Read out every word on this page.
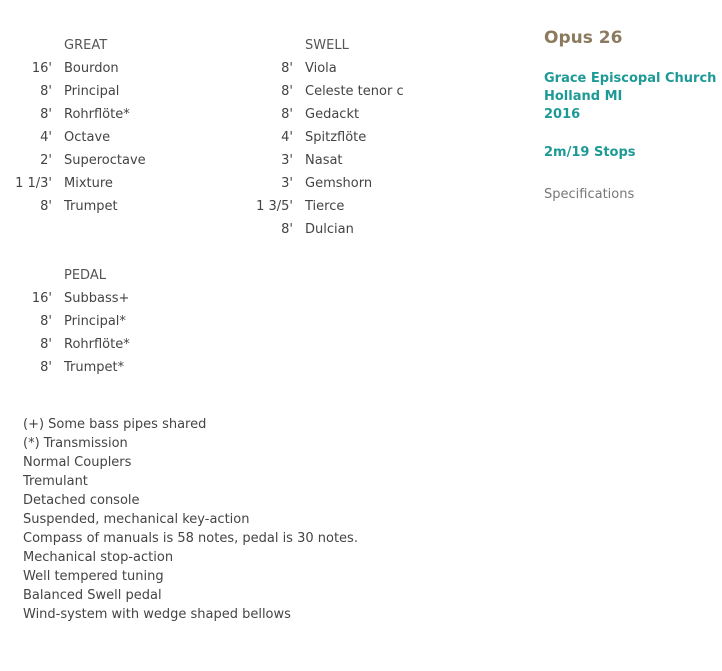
GREAT
16' Bourdon
8' Principal
8' Rohrflöte*
4' Octave
2' Superoctave
1 1/3' Mixture
8' Trumpet
SWELL
8' Viola
8' Celeste tenor c
8' Gedackt
4' Spitzflöte
3' Nasat
3' Gemshorn
1 3/5' Tierce
8' Dulcian
PEDAL
16' Subbass+
8' Principal*
8' Rohrflöte*
8' Trumpet*
(+) Some bass pipes shared
(*) Transmission
Normal Couplers
Tremulant
Detached console
Suspended, mechanical key-action
Compass of manuals is 58 notes, pedal is 30 notes.
Mechanical stop-action
Well tempered tuning
Balanced Swell pedal
Wind-system with wedge shaped bellows
Opus 26
Grace Episcopal Church
Holland MI
2016
2m/19 Stops
Specifications
